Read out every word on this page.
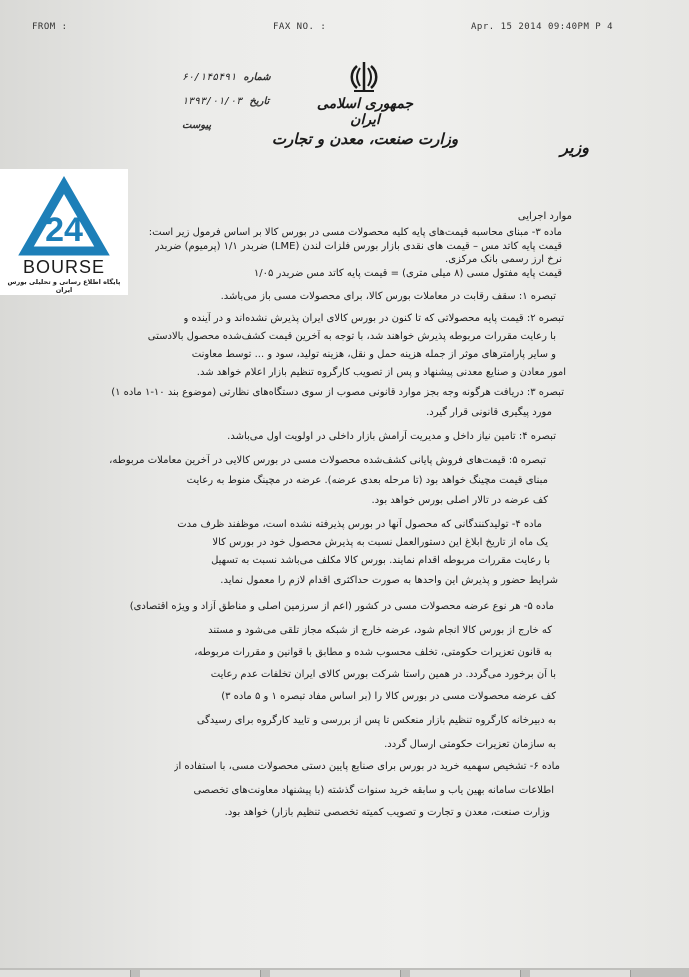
FROM :	FAX NO. :	Apr. 15 2014 09:40PM P 4
جمهوری اسلامی ایران
وزارت صنعت، معدن و تجارت	وزیر
شماره ۶۰/۱۴۵۴۹۱
تاریخ ۱۳۹۳/۰۱/۰۳
پیوست
24
BOURSE
پایگاه اطلاع رسانی و تحلیلی بورس ایران
موارد اجرایی
ماده ۳- مبنای محاسبه قیمت‌های پایه کلیه محصولات مسی در بورس کالا بر اساس فرمول زیر است:
قیمت پایه کاتد مس – قیمت های نقدی بازار بورس فلزات لندن (LME) ضربدر ۱/۱ (پرمیوم) ضربدر
نرخ ارز رسمی بانک مرکزی.
قیمت پایه مفتول مسی (۸ میلی متری) = قیمت پایه کاتد مس ضربدر ۱/۰۵
تبصره ۱: سقف رقابت در معاملات بورس کالا، برای محصولات مسی باز می‌باشد.
تبصره ۲: قیمت پایه محصولاتی که تا کنون در بورس کالای ایران پذیرش نشده‌اند و در آینده و
با رعایت مقررات مربوطه پذیرش خواهند شد، با توجه به آخرین قیمت کشف‌شده محصول بالادستی
و سایر پارامترهای موثر از جمله هزینه حمل و نقل، هزینه تولید، سود و ... توسط معاونت
امور معادن و صنایع معدنی پیشنهاد و پس از تصویب کارگروه تنظیم بازار اعلام خواهد شد.
تبصره ۳: دریافت هرگونه وجه بجز موارد قانونی مصوب از سوی دستگاه‌های نظارتی (موضوع بند ۱۰-۱ ماده ۱)
مورد پیگیری قانونی قرار گیرد.
تبصره ۴: تامین نیاز داخل و مدیریت آرامش بازار داخلی در اولویت اول می‌باشد.
تبصره ۵: قیمت‌های فروش پایانی کشف‌شده محصولات مسی در بورس کالایی در آخرین معاملات مربوطه،
مبنای قیمت مچینگ خواهد بود (تا مرحله بعدی عرضه). عرضه در مچینگ منوط به رعایت
کف عرضه در تالار اصلی بورس خواهد بود.
ماده ۴- تولیدکنندگانی که محصول آنها در بورس پذیرفته نشده است، موظفند ظرف مدت
یک ماه از تاریخ ابلاغ این دستورالعمل نسبت به پذیرش محصول خود در بورس کالا
با رعایت مقررات مربوطه اقدام نمایند. بورس کالا مکلف می‌باشد نسبت به تسهیل
شرایط حضور و پذیرش این واحدها به صورت حداکثری اقدام لازم را معمول نماید.
ماده ۵- هر نوع عرضه محصولات مسی در کشور (اعم از سرزمین اصلی و مناطق آزاد و ویژه اقتصادی)
که خارج از بورس کالا انجام شود، عرضه خارج از شبکه مجاز تلقی می‌شود و مستند
به قانون تعزیرات حکومتی، تخلف محسوب شده و مطابق با قوانین و مقررات مربوطه،
با آن برخورد می‌گردد. در همین راستا شرکت بورس کالای ایران تخلفات عدم رعایت
کف عرضه محصولات مسی در بورس کالا را (بر اساس مفاد تبصره ۱ و ۵ ماده ۳)
به دبیرخانه کارگروه تنظیم بازار منعکس تا پس از بررسی و تایید کارگروه برای رسیدگی
به سازمان تعزیرات حکومتی ارسال گردد.
ماده ۶- تشخیص سهمیه خرید در بورس برای صنایع پایین دستی محصولات مسی، با استفاده از
اطلاعات سامانه بهین یاب و سابقه خرید سنوات گذشته (با پیشنهاد معاونت‌های تخصصی
وزارت صنعت، معدن و تجارت و تصویب کمیته تخصصی تنظیم بازار) خواهد بود.
